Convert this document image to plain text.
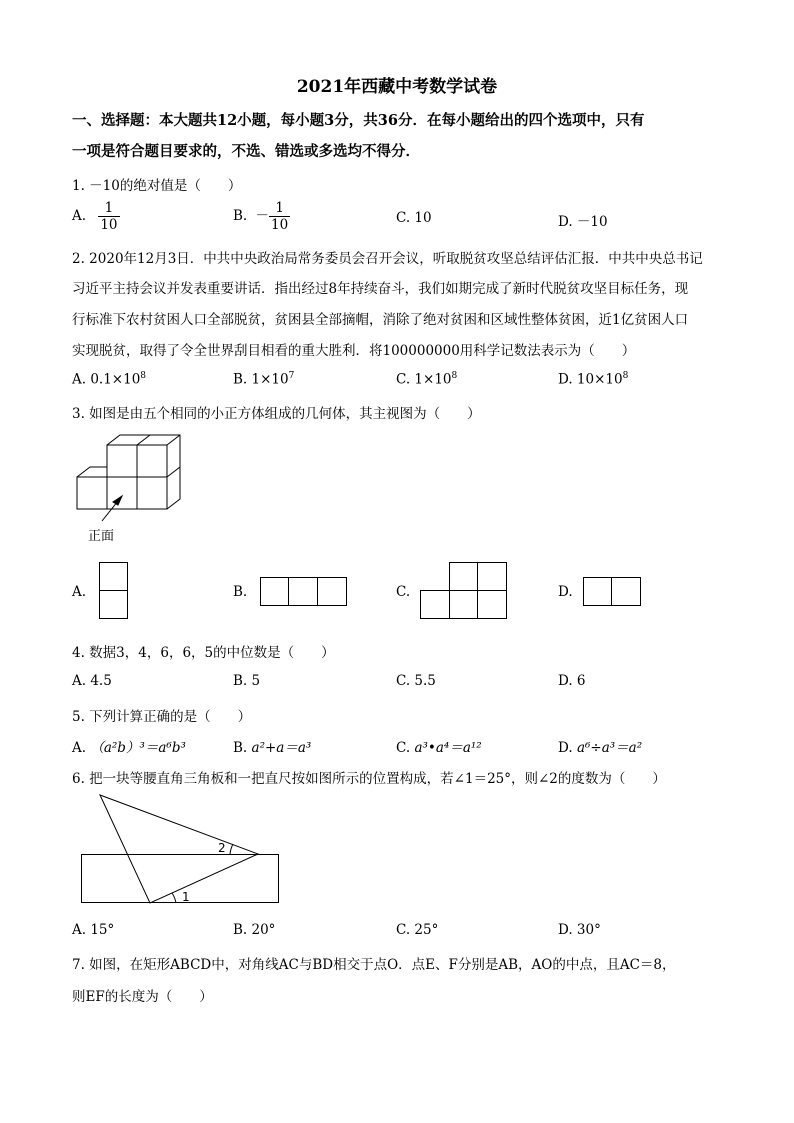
2021年西藏中考数学试卷
一、选择题：本大题共12小题，每小题3分，共36分．在每小题给出的四个选项中，只有
一项是符合题目要求的，不选、错选或多选均不得分．
1. －10的绝对值是（　　）
A. $\frac{1}{10}$	B. － $\frac{1}{10}$	C. 10	D. －10
2. 2020年12月3日．中共中央政治局常务委员会召开会议，听取脱贫攻坚总结评估汇报．中共中央总书记
习近平主持会议并发表重要讲话．指出经过8年持续奋斗，我们如期完成了新时代脱贫攻坚目标任务，现
行标准下农村贫困人口全部脱贫，贫困县全部摘帽，消除了绝对贫困和区域性整体贫困，近1亿贫困人口
实现脱贫，取得了令全世界刮目相看的重大胜利．将100000000用科学记数法表示为（　　）
A. $0.1\times 10^8$	B. $1\times 10^7$	C. $1\times 10^8$	D. $10\times 10^8$
3. 如图是由五个相同的小正方体组成的几何体，其主视图为（　　）
正面
A.	B.	C.	D.
4. 数据3，4，6，6，5的中位数是（　　）
A. 4.5	B. 5	C. 5.5	D. 6
5. 下列计算正确的是（　　）
A. （a²b）³＝a⁶b³	B. a²+a＝a³	C. a³•a⁴＝a¹²	D. a⁶÷a³＝a²
6. 把一块等腰直角三角板和一把直尺按如图所示的位置构成，若∠1＝25°，则∠2的度数为（　　）
2
1
A. 15°	B. 20°	C. 25°	D. 30°
7. 如图，在矩形ABCD中，对角线AC与BD相交于点O．点E、F分别是AB，AO的中点，且AC＝8，
则EF的长度为（　　）
